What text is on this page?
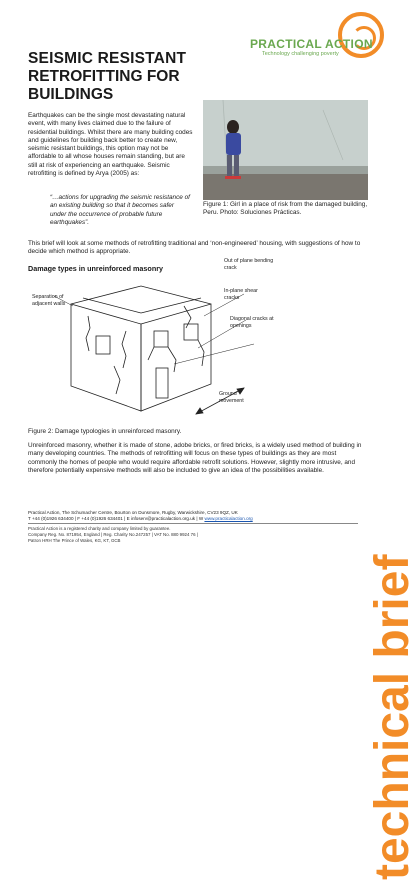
SEISMIC RESISTANT
RETROFITTING FOR
BUILDINGS
PRACTICAL ACTION
Technology challenging poverty
technical brief
Earthquakes can be the single most devastating natural event, with many lives claimed due to the failure of residential buildings. Whilst there are many building codes and guidelines for building back better to create new, seismic resistant buildings, this option may not be affordable to all whose houses remain standing, but are still at risk of experiencing an earthquake. Seismic retrofitting is defined by Arya (2005) as:
“…actions for upgrading the seismic resistance of an existing building so that it becomes safer under the occurrence of probable future earthquakes”.
Figure 1: Girl in a place of risk from the damaged building, Peru. Photo: Soluciones Prácticas.
This brief will look at some methods of retrofitting traditional and ‘non-engineered’ housing, with suggestions of how to decide which method is appropriate.
Damage types in unreinforced masonry
Separation of adjacent walls
Out of plane bending crack
In-plane shear cracks
Diagonal cracks at openings
Ground movement
Figure 2: Damage typologies in unreinforced masonry.
Unreinforced masonry, whether it is made of stone, adobe bricks, or fired bricks, is a widely used method of building in many developing countries. The methods of retrofitting will focus on these types of buildings as they are most commonly the homes of people who would require affordable retrofit solutions. However, slightly more intrusive, and therefore potentially expensive methods will also be included to give an idea of the possibilities available.
Practical Action, The Schumacher Centre, Bourton on Dunsmore, Rugby, Warwickshire, CV23 9QZ, UK
T +44 (0)1926 634400 | F +44 (0)1926 634401 | E infoserv@practicalaction.org.uk | W www.practicalaction.org
Practical Action is a registered charity and company limited by guarantee.
Company Reg. No. 871954, England | Reg. Charity No.247257 | VAT No. 880 9924 76 |
Patron HRH The Prince of Wales, KG, KT, GCB
